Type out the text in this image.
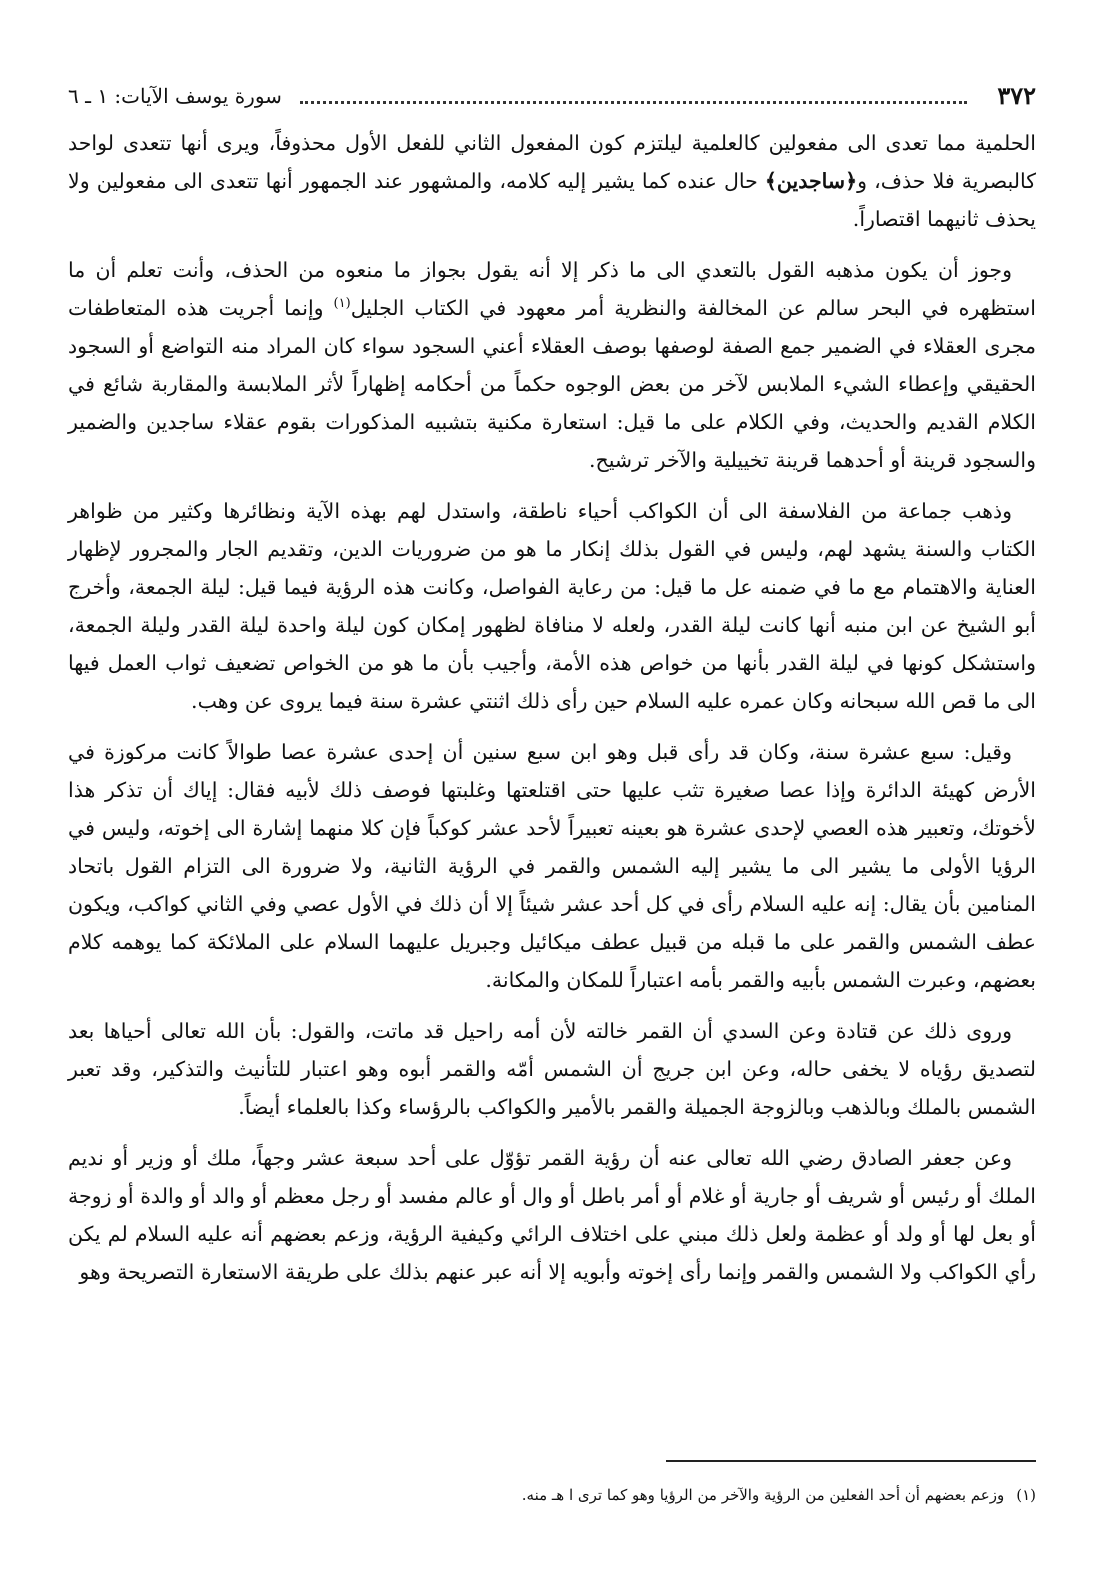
٣٧٢
سورة يوسف الآيات: ١ ـ ٦

الحلمية مما تعدى الى مفعولين كالعلمية ليلتزم كون المفعول الثاني للفعل الأول محذوفاً، ويرى أنها تتعدى لواحد كالبصرية فلا حذف، و﴿ساجدين﴾ حال عنده كما يشير إليه كلامه، والمشهور عند الجمهور أنها تتعدى الى مفعولين ولا يحذف ثانيهما اقتصاراً.

وجوز أن يكون مذهبه القول بالتعدي الى ما ذكر إلا أنه يقول بجواز ما منعوه من الحذف، وأنت تعلم أن ما استظهره في البحر سالم عن المخالفة والنظرية أمر معهود في الكتاب الجليل$^{(١)}$ وإنما أجريت هذه المتعاطفات مجرى العقلاء في الضمير جمع الصفة لوصفها بوصف العقلاء أعني السجود سواء كان المراد منه التواضع أو السجود الحقيقي وإعطاء الشيء الملابس لآخر من بعض الوجوه حكماً من أحكامه إظهاراً لأثر الملابسة والمقاربة شائع في الكلام القديم والحديث، وفي الكلام على ما قيل: استعارة مكنية بتشبيه المذكورات بقوم عقلاء ساجدين والضمير والسجود قرينة أو أحدهما قرينة تخييلية والآخر ترشيح.

وذهب جماعة من الفلاسفة الى أن الكواكب أحياء ناطقة، واستدل لهم بهذه الآية ونظائرها وكثير من ظواهر الكتاب والسنة يشهد لهم، وليس في القول بذلك إنكار ما هو من ضروريات الدين، وتقديم الجار والمجرور لإظهار العناية والاهتمام مع ما في ضمنه عل ما قيل: من رعاية الفواصل، وكانت هذه الرؤية فيما قيل: ليلة الجمعة، وأخرج أبو الشيخ عن ابن منبه أنها كانت ليلة القدر، ولعله لا منافاة لظهور إمكان كون ليلة واحدة ليلة القدر وليلة الجمعة، واستشكل كونها في ليلة القدر بأنها من خواص هذه الأمة، وأجيب بأن ما هو من الخواص تضعيف ثواب العمل فيها الى ما قص الله سبحانه وكان عمره عليه السلام حين رأى ذلك اثنتي عشرة سنة فيما يروى عن وهب.

وقيل: سبع عشرة سنة، وكان قد رأى قبل وهو ابن سبع سنين أن إحدى عشرة عصا طوالاً كانت مركوزة في الأرض كهيئة الدائرة وإذا عصا صغيرة تثب عليها حتى اقتلعتها وغلبتها فوصف ذلك لأبيه فقال: إياك أن تذكر هذا لأخوتك، وتعبير هذه العصي لإحدى عشرة هو بعينه تعبيراً لأحد عشر كوكباً فإن كلا منهما إشارة الى إخوته، وليس في الرؤيا الأولى ما يشير الى ما يشير إليه الشمس والقمر في الرؤية الثانية، ولا ضرورة الى التزام القول باتحاد المنامين بأن يقال: إنه عليه السلام رأى في كل أحد عشر شيئاً إلا أن ذلك في الأول عصي وفي الثاني كواكب، ويكون عطف الشمس والقمر على ما قبله من قبيل عطف ميكائيل وجبريل عليهما السلام على الملائكة كما يوهمه كلام بعضهم، وعبرت الشمس بأبيه والقمر بأمه اعتباراً للمكان والمكانة.

وروى ذلك عن قتادة وعن السدي أن القمر خالته لأن أمه راحيل قد ماتت، والقول: بأن الله تعالى أحياها بعد لتصديق رؤياه لا يخفى حاله، وعن ابن جريج أن الشمس أمّه والقمر أبوه وهو اعتبار للتأنيث والتذكير، وقد تعبر الشمس بالملك وبالذهب وبالزوجة الجميلة والقمر بالأمير والكواكب بالرؤساء وكذا بالعلماء أيضاً.

وعن جعفر الصادق رضي الله تعالى عنه أن رؤية القمر تؤوّل على أحد سبعة عشر وجهاً، ملك أو وزير أو نديم الملك أو رئيس أو شريف أو جارية أو غلام أو أمر باطل أو وال أو عالم مفسد أو رجل معظم أو والد أو والدة أو زوجة أو بعل لها أو ولد أو عظمة ولعل ذلك مبني على اختلاف الرائي وكيفية الرؤية، وزعم بعضهم أنه عليه السلام لم يكن رأي الكواكب ولا الشمس والقمر وإنما رأى إخوته وأبويه إلا أنه عبر عنهم بذلك على طريقة الاستعارة التصريحة وهو

(١)وزعم بعضهم أن أحد الفعلين من الرؤية والآخر من الرؤيا وهو كما ترى ا هـ منه.
